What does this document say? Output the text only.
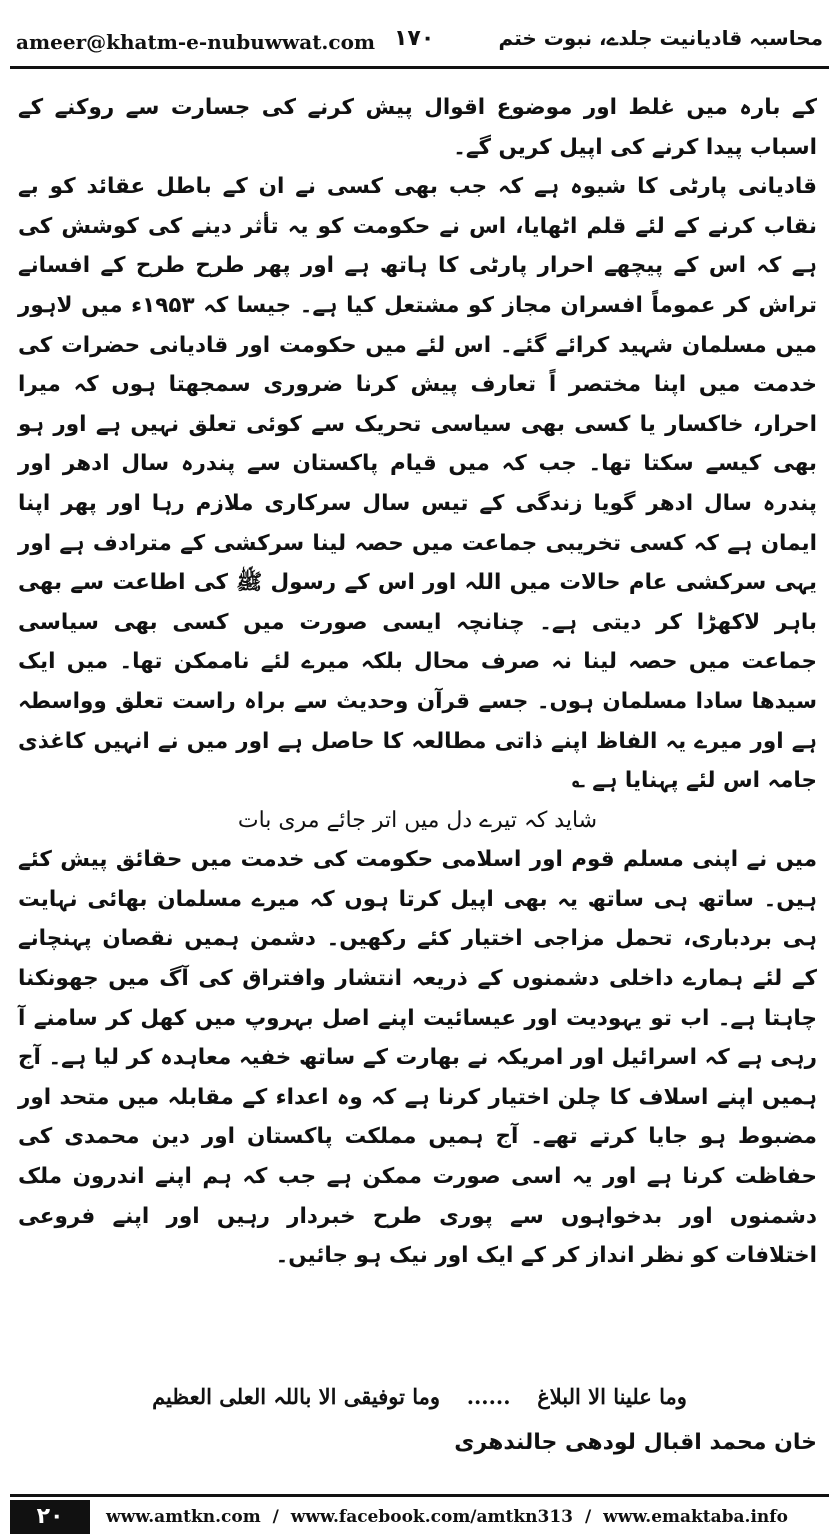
ameer@khatm-e-nubuwwat.com ۱۷۰	محاسبہ قادیانیت جلدے، نبوت ختم

کے بارہ میں غلط اور موضوع اقوال پیش کرنے کی جسارت سے روکنے کے اسباب پیدا کرنے کی اپیل کریں گے۔

قادیانی پارٹی کا شیوہ ہے کہ جب بھی کسی نے ان کے باطل عقائد کو بے نقاب کرنے کے لئے قلم اٹھایا، اس نے حکومت کو یہ تأثر دینے کی کوشش کی ہے کہ اس کے پیچھے احرار پارٹی کا ہاتھ ہے اور پھر طرح طرح کے افسانے تراش کر عموماً افسران مجاز کو مشتعل کیا ہے۔ جیسا کہ ۱۹۵۳ء میں لاہور میں مسلمان شہید کرائے گئے۔ اس لئے میں حکومت اور قادیانی حضرات کی خدمت میں اپنا مختصر اً تعارف پیش کرنا ضروری سمجھتا ہوں کہ میرا احرار، خاکسار یا کسی بھی سیاسی تحریک سے کوئی تعلق نہیں ہے اور ہو بھی کیسے سکتا تھا۔ جب کہ میں قیام پاکستان سے پندرہ سال ادھر اور پندرہ سال ادھر گویا زندگی کے تیس سال سرکاری ملازم رہا اور پھر اپنا ایمان ہے کہ کسی تخریبی جماعت میں حصہ لینا سرکشی کے مترادف ہے اور یہی سرکشی عام حالات میں اللہ اور اس کے رسول ﷺ کی اطاعت سے بھی باہر لاکھڑا کر دیتی ہے۔ چنانچہ ایسی صورت میں کسی بھی سیاسی جماعت میں حصہ لینا نہ صرف محال بلکہ میرے لئے ناممکن تھا۔ میں ایک سیدھا سادا مسلمان ہوں۔ جسے قرآن وحدیث سے براہ راست تعلق وواسطہ ہے اور میرے یہ الفاظ اپنے ذاتی مطالعہ کا حاصل ہے اور میں نے انہیں کاغذی جامہ اس لئے پہنایا ہے ؎

شاید کہ تیرے دل میں اتر جائے مری بات

میں نے اپنی مسلم قوم اور اسلامی حکومت کی خدمت میں حقائق پیش کئے ہیں۔ ساتھ ہی ساتھ یہ بھی اپیل کرتا ہوں کہ میرے مسلمان بھائی نہایت ہی بردباری، تحمل مزاجی اختیار کئے رکھیں۔ دشمن ہمیں نقصان پہنچانے کے لئے ہمارے داخلی دشمنوں کے ذریعہ انتشار وافتراق کی آگ میں جھونکنا چاہتا ہے۔ اب تو یہودیت اور عیسائیت اپنے اصل بہروپ میں کھل کر سامنے آ رہی ہے کہ اسرائیل اور امریکہ نے بھارت کے ساتھ خفیہ معاہدہ کر لیا ہے۔ آج ہمیں اپنے اسلاف کا چلن اختیار کرنا ہے کہ وہ اعداء کے مقابلہ میں متحد اور مضبوط ہو جایا کرتے تھے۔ آج ہمیں مملکت پاکستان اور دین محمدی کی حفاظت کرنا ہے اور یہ اسی صورت ممکن ہے جب کہ ہم اپنے اندرون ملک دشمنوں اور بدخواہوں سے پوری طرح خبردار رہیں اور اپنے فروعی اختلافات کو نظر انداز کر کے ایک اور نیک ہو جائیں۔

وما علینا الا البلاغ  ......  وما توفیقی الا باللہ العلی العظیم
خان محمد اقبال لودھی جالندھری
۲۰	www.amtkn.com / www.facebook.com/amtkn313 / www.emaktaba.info
